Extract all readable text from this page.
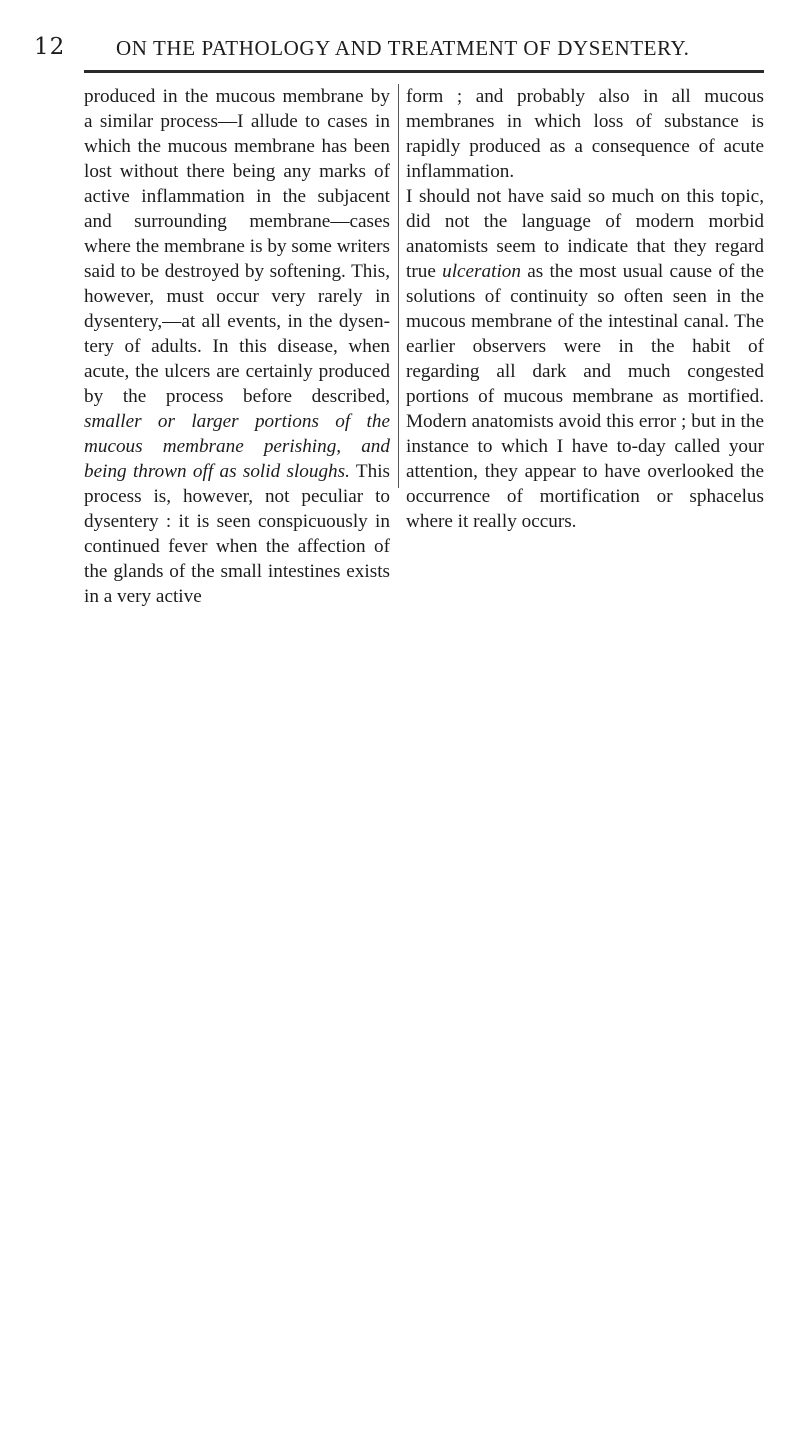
12 ON THE PATHOLOGY AND TREATMENT OF DYSENTERY.

produced in the mucous membrane by a similar process—I allude to cases in which the mucous membrane has been lost without there being any marks of active inflammation in the subjacent and surrounding membrane—cases where the membrane is by some writers said to be destroyed by softening. This, however, must occur very rarely in dysentery,—at all events, in the dysentery of adults. In this disease, when acute, the ulcers are certainly produced by the process before described, smaller or larger portions of the mucous membrane perishing, and being thrown off as solid sloughs. This process is, however, not peculiar to dysentery : it is seen conspicuously in continued fever when the affection of the glands of the small intestines exists in a very active

form ; and probably also in all mucous membranes in which loss of substance is rapidly produced as a consequence of acute inflammation.

I should not have said so much on this topic, did not the language of modern morbid anatomists seem to indicate that they regard true ulceration as the most usual cause of the solutions of continuity so often seen in the mucous membrane of the intestinal canal. The earlier observers were in the habit of regarding all dark and much congested portions of mucous membrane as mortified. Modern anatomists avoid this error ; but in the instance to which I have to-day called your attention, they appear to have overlooked the occurrence of mortification or sphacelus where it really occurs.
